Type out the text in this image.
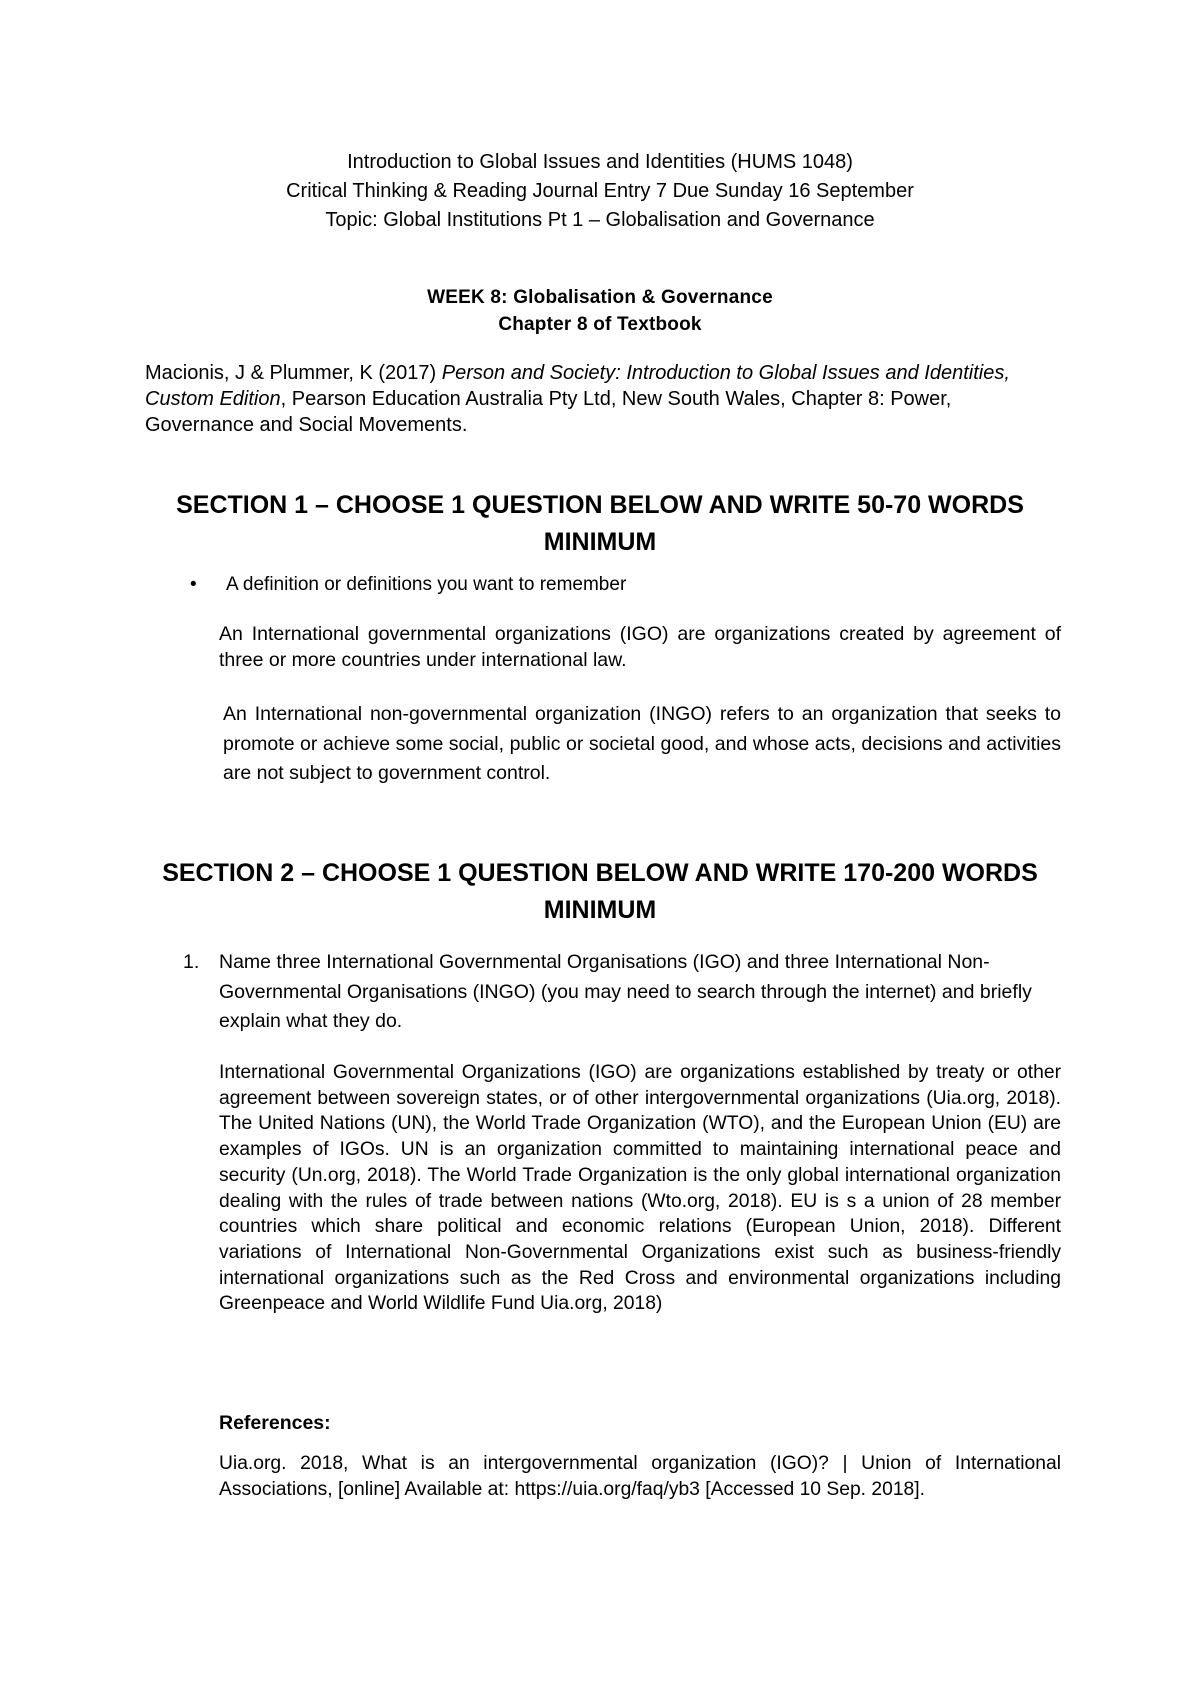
Introduction to Global Issues and Identities (HUMS 1048)
Critical Thinking & Reading Journal Entry 7 Due Sunday 16 September
Topic: Global Institutions Pt 1 – Globalisation and Governance
WEEK 8: Globalisation & Governance
Chapter 8 of Textbook
Macionis, J & Plummer, K (2017) Person and Society: Introduction to Global Issues and Identities, Custom Edition, Pearson Education Australia Pty Ltd, New South Wales, Chapter 8: Power, Governance and Social Movements.
SECTION 1 – CHOOSE 1 QUESTION BELOW AND WRITE 50-70 WORDS MINIMUM
• A definition or definitions you want to remember
An International governmental organizations (IGO) are organizations created by agreement of three or more countries under international law.
An International non-governmental organization (INGO) refers to an organization that seeks to promote or achieve some social, public or societal good, and whose acts, decisions and activities are not subject to government control.
SECTION 2 – CHOOSE 1 QUESTION BELOW AND WRITE 170-200 WORDS MINIMUM
1. Name three International Governmental Organisations (IGO) and three International Non-Governmental Organisations (INGO) (you may need to search through the internet) and briefly explain what they do.
International Governmental Organizations (IGO) are organizations established by treaty or other agreement between sovereign states, or of other intergovernmental organizations (Uia.org, 2018). The United Nations (UN), the World Trade Organization (WTO), and the European Union (EU) are examples of IGOs. UN is an organization committed to maintaining international peace and security (Un.org, 2018). The World Trade Organization is the only global international organization dealing with the rules of trade between nations (Wto.org, 2018). EU is s a union of 28 member countries which share political and economic relations (European Union, 2018). Different variations of International Non-Governmental Organizations exist such as business-friendly international organizations such as the Red Cross and environmental organizations including Greenpeace and World Wildlife Fund Uia.org, 2018)
References:
Uia.org. 2018, What is an intergovernmental organization (IGO)? | Union of International Associations, [online] Available at: https://uia.org/faq/yb3 [Accessed 10 Sep. 2018].
